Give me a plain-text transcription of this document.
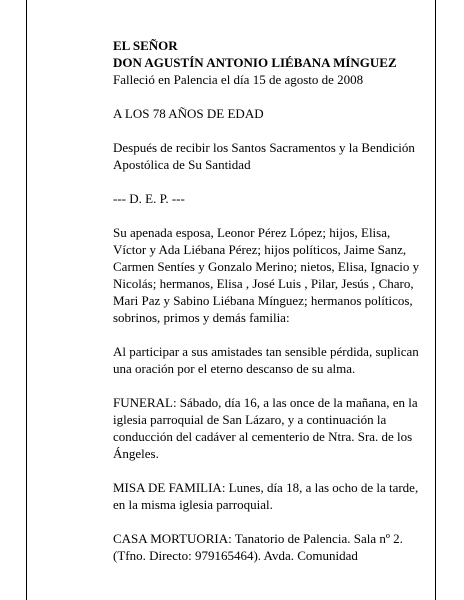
EL SEÑOR

DON AGUSTÍN ANTONIO LIÉBANA MÍNGUEZ

Falleció en Palencia el día 15 de agosto de 2008

A LOS 78 AÑOS DE EDAD

Después de recibir los Santos Sacramentos y la Bendición Apostólica de Su Santidad

--- D. E. P. ---

Su apenada esposa, Leonor Pérez López; hijos, Elisa, Víctor y Ada Liébana Pérez; hijos políticos, Jaime Sanz, Carmen Sentíes y Gonzalo Merino; nietos, Elisa, Ignacio y Nicolás; hermanos, Elisa , José Luis , Pilar, Jesús , Charo, Mari Paz y Sabino Liébana Mínguez; hermanos políticos, sobrinos, primos y demás familia:

Al participar a sus amistades tan sensible pérdida, suplican una oración por el eterno descanso de su alma.

FUNERAL: Sábado, día 16, a las once de la mañana, en la iglesia parroquial de San Lázaro, y a continuación la conducción del cadáver al cementerio de Ntra. Sra. de los Ángeles.

MISA DE FAMILIA: Lunes, día 18, a las ocho de la tarde, en la misma iglesia parroquial.

CASA MORTUORIA: Tanatorio de Palencia. Sala nº 2. (Tfno. Directo: 979165464). Avda. Comunidad
